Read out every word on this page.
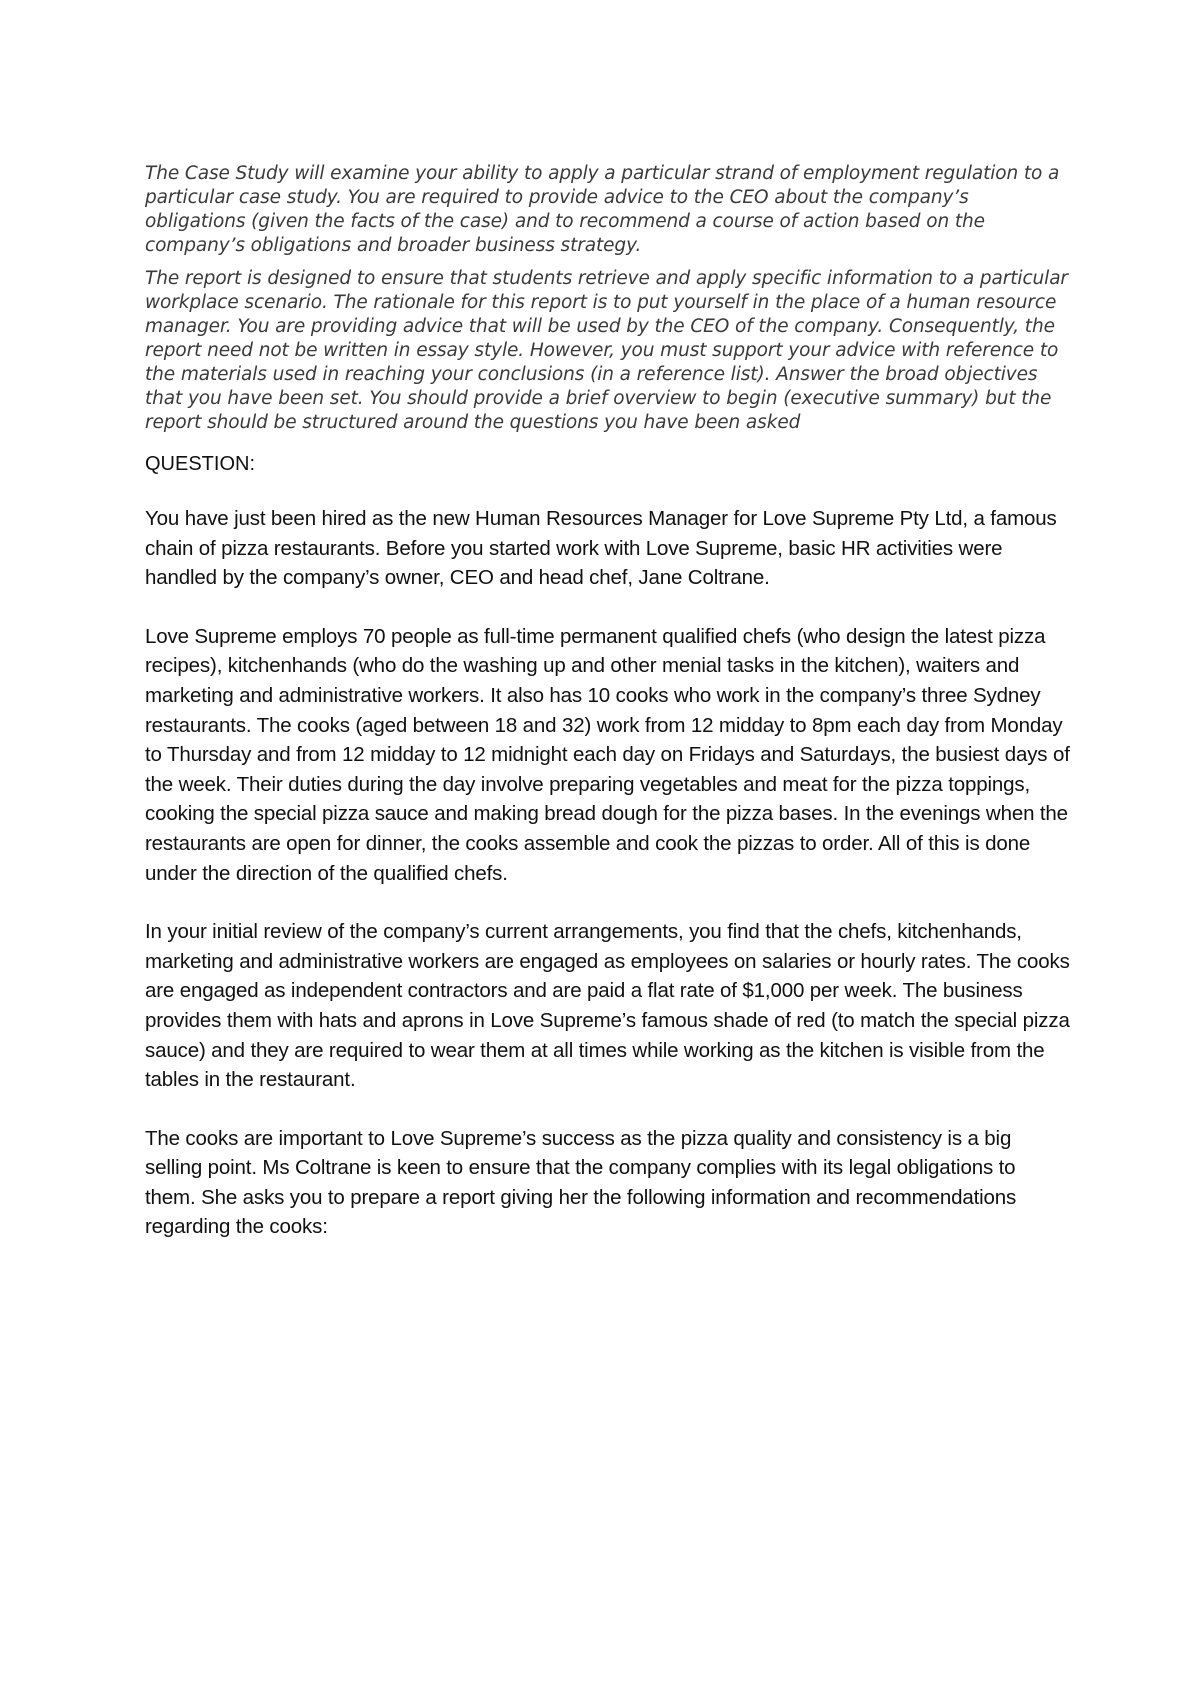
The Case Study will examine your ability to apply a particular strand of employment regulation to a particular case study. You are required to provide advice to the CEO about the company’s obligations (given the facts of the case) and to recommend a course of action based on the company’s obligations and broader business strategy.

The report is designed to ensure that students retrieve and apply specific information to a particular workplace scenario. The rationale for this report is to put yourself in the place of a human resource manager. You are providing advice that will be used by the CEO of the company. Consequently, the report need not be written in essay style. However, you must support your advice with reference to the materials used in reaching your conclusions (in a reference list). Answer the broad objectives that you have been set. You should provide a brief overview to begin (executive summary) but the report should be structured around the questions you have been asked

QUESTION:

You have just been hired as the new Human Resources Manager for Love Supreme Pty Ltd, a famous chain of pizza restaurants. Before you started work with Love Supreme, basic HR activities were handled by the company’s owner, CEO and head chef, Jane Coltrane.

Love Supreme employs 70 people as full-time permanent qualified chefs (who design the latest pizza recipes), kitchenhands (who do the washing up and other menial tasks in the kitchen), waiters and marketing and administrative workers. It also has 10 cooks who work in the company’s three Sydney restaurants. The cooks (aged between 18 and 32) work from 12 midday to 8pm each day from Monday to Thursday and from 12 midday to 12 midnight each day on Fridays and Saturdays, the busiest days of the week. Their duties during the day involve preparing vegetables and meat for the pizza toppings, cooking the special pizza sauce and making bread dough for the pizza bases. In the evenings when the restaurants are open for dinner, the cooks assemble and cook the pizzas to order. All of this is done under the direction of the qualified chefs.

In your initial review of the company’s current arrangements, you find that the chefs, kitchenhands, marketing and administrative workers are engaged as employees on salaries or hourly rates. The cooks are engaged as independent contractors and are paid a flat rate of $1,000 per week. The business provides them with hats and aprons in Love Supreme’s famous shade of red (to match the special pizza sauce) and they are required to wear them at all times while working as the kitchen is visible from the tables in the restaurant.

The cooks are important to Love Supreme’s success as the pizza quality and consistency is a big selling point. Ms Coltrane is keen to ensure that the company complies with its legal obligations to them. She asks you to prepare a report giving her the following information and recommendations regarding the cooks:
